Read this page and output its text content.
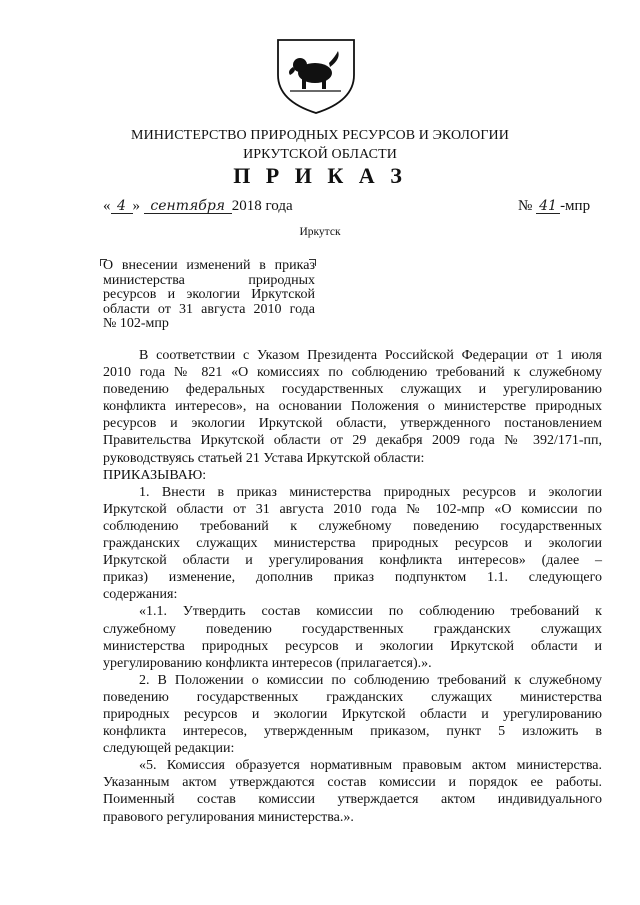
МИНИСТЕРСТВО ПРИРОДНЫХ РЕСУРСОВ И ЭКОЛОГИИ
ИРКУТСКОЙ ОБЛАСТИ
П Р И К А З
« 4 » сентября 2018 года	№ 41 -мпр
Иркутск
О внесении изменений в приказ
министерства природных
ресурсов и экологии Иркутской
области от 31 августа 2010 года
№ 102-мпр
В соответствии с Указом Президента Российской Федерации от 1 июля
2010 года № 821 «О комиссиях по соблюдению требований к служебному
поведению федеральных государственных служащих и урегулированию
конфликта интересов», на основании Положения о министерстве природных
ресурсов и экологии Иркутской области, утвержденного постановлением
Правительства Иркутской области от 29 декабря 2009 года № 392/171-пп,
руководствуясь статьей 21 Устава Иркутской области:
ПРИКАЗЫВАЮ:
1. Внести в приказ министерства природных ресурсов и экологии
Иркутской области от 31 августа 2010 года № 102-мпр «О комиссии по
соблюдению требований к служебному поведению государственных
гражданских служащих министерства природных ресурсов и экологии
Иркутской области и урегулирования конфликта интересов» (далее –
приказ) изменение, дополнив приказ подпунктом 1.1. следующего
содержания:
«1.1. Утвердить состав комиссии по соблюдению требований к
служебному поведению государственных гражданских служащих
министерства природных ресурсов и экологии Иркутской области и
урегулированию конфликта интересов (прилагается).».
2. В Положении о комиссии по соблюдению требований к служебному
поведению государственных гражданских служащих министерства
природных ресурсов и экологии Иркутской области и урегулированию
конфликта интересов, утвержденным приказом, пункт 5 изложить в
следующей редакции:
«5. Комиссия образуется нормативным правовым актом министерства.
Указанным актом утверждаются состав комиссии и порядок ее работы.
Поименный состав комиссии утверждается актом индивидуального
правового регулирования министерства.».
